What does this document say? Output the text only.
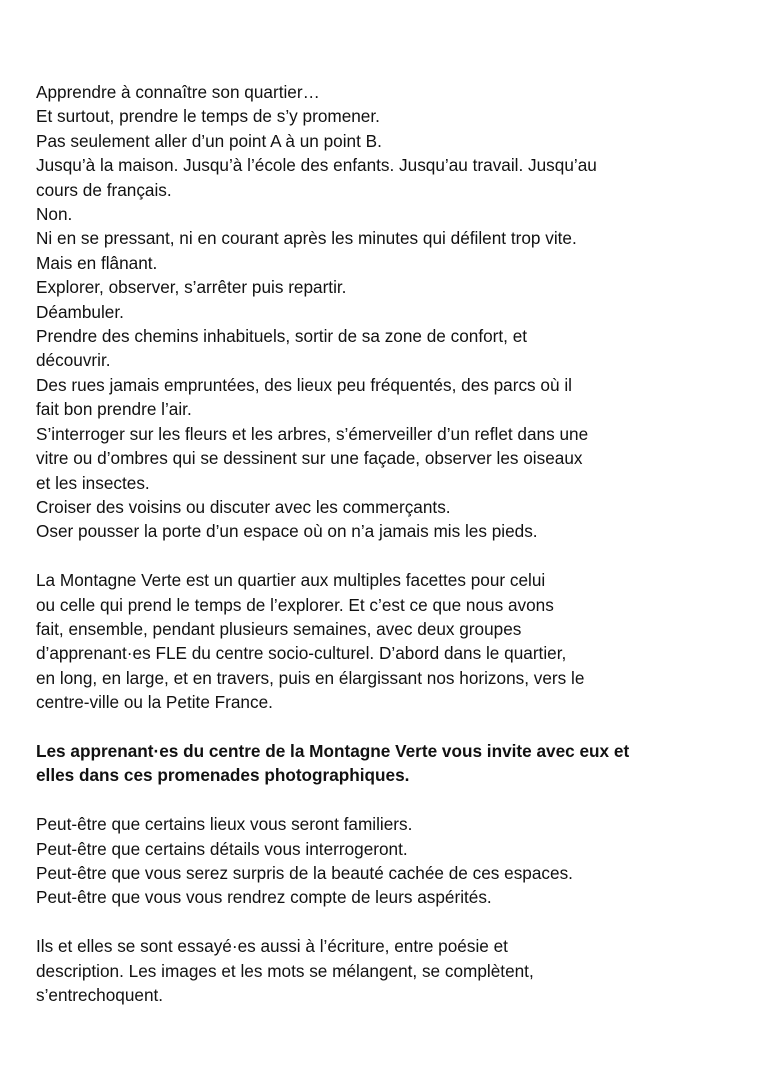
Apprendre à connaître son quartier…
Et surtout, prendre le temps de s’y promener.
Pas seulement aller d’un point A à un point B.
Jusqu’à la maison. Jusqu’à l’école des enfants. Jusqu’au travail. Jusqu’au
cours de français.
Non.
Ni en se pressant, ni en courant après les minutes qui défilent trop vite.
Mais en flânant.
Explorer, observer, s’arrêter puis repartir.
Déambuler.
Prendre des chemins inhabituels, sortir de sa zone de confort, et
découvrir.
Des rues jamais empruntées, des lieux peu fréquentés, des parcs où il
fait bon prendre l’air.
S’interroger sur les fleurs et les arbres, s’émerveiller d’un reflet dans une
vitre ou d’ombres qui se dessinent sur une façade, observer les oiseaux
et les insectes.
Croiser des voisins ou discuter avec les commerçants.
Oser pousser la porte d’un espace où on n’a jamais mis les pieds.
La Montagne Verte est un quartier aux multiples facettes pour celui
ou celle qui prend le temps de l’explorer. Et c’est ce que nous avons
fait, ensemble, pendant plusieurs semaines, avec deux groupes
d’apprenant·es FLE du centre socio-culturel. D’abord dans le quartier,
en long, en large, et en travers, puis en élargissant nos horizons, vers le
centre-ville ou la Petite France.
Les apprenant·es du centre de la Montagne Verte vous invite avec eux et
elles dans ces promenades photographiques.
Peut-être que certains lieux vous seront familiers.
Peut-être que certains détails vous interrogeront.
Peut-être que vous serez surpris de la beauté cachée de ces espaces.
Peut-être que vous vous rendrez compte de leurs aspérités.
Ils et elles se sont essayé·es aussi à l’écriture, entre poésie et
description. Les images et les mots se mélangent, se complètent,
s’entrechoquent.
